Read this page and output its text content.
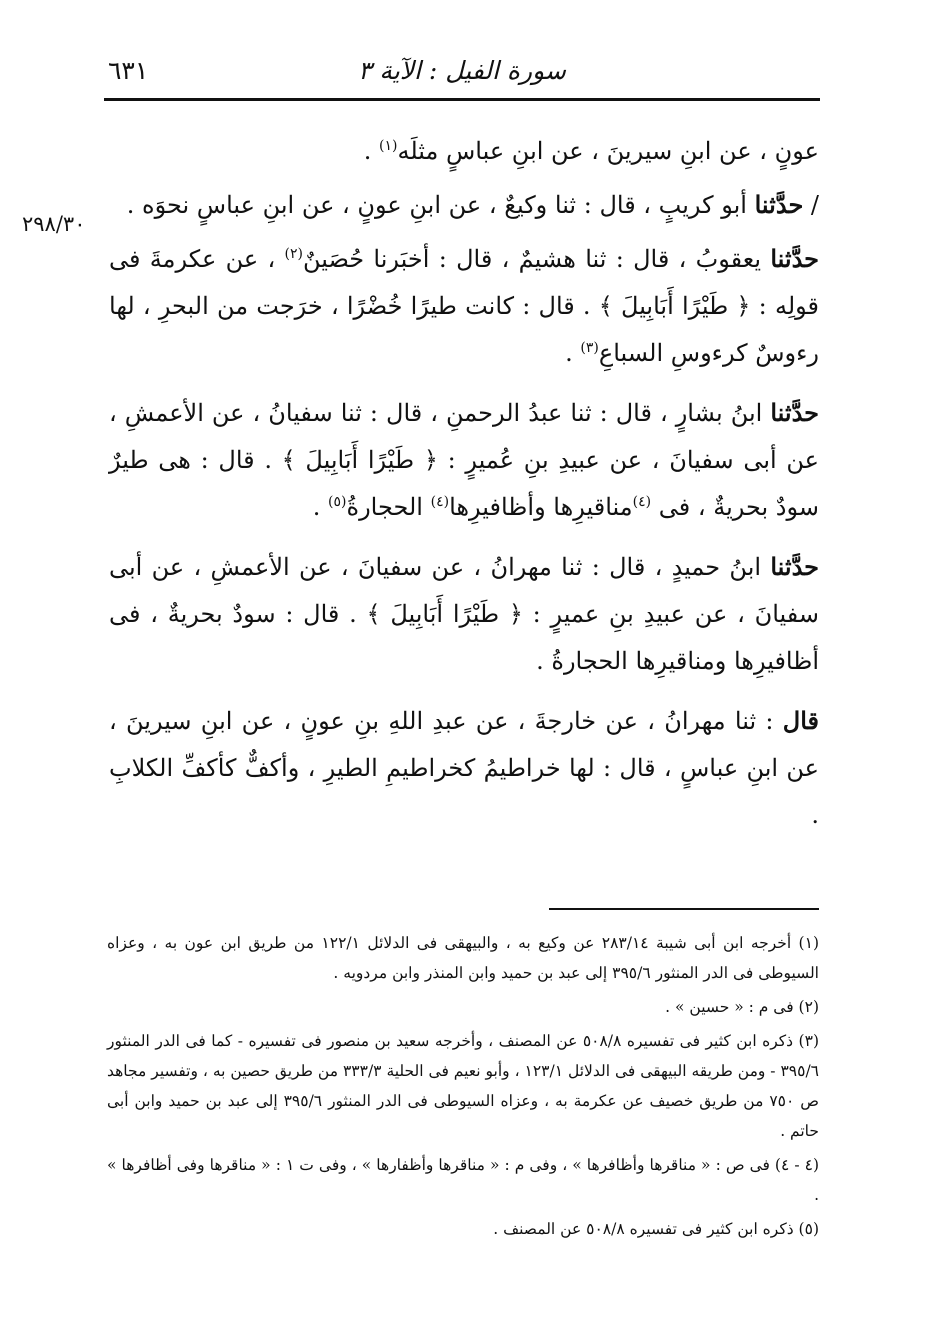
سورة الفيل : الآية ٣
٦٣١
٢٩٨/٣٠

عونٍ ، عن ابنِ سيرينَ ، عن ابنِ عباسٍ مثلَه$^{(١)}$ .

/ حدَّثنا أبو كريبٍ ، قال : ثنا وكيعٌ ، عن ابنِ عونٍ ، عن ابنِ عباسٍ نحوَه .

حدَّثنا يعقوبُ ، قال : ثنا هشيمٌ ، قال : أخبَرنا حُصَينٌ$^{(٢)}$ ، عن عكرمةَ فى قولِه : ﴿ طَيْرًا أَبَابِيلَ ﴾ . قال : كانت طيرًا خُضْرًا ، خرَجت من البحرِ ، لها رءوسٌ كرءوسِ السباعِ$^{(٣)}$ .

حدَّثنا ابنُ بشارٍ ، قال : ثنا عبدُ الرحمنِ ، قال : ثنا سفيانُ ، عن الأعمشِ ، عن أبى سفيانَ ، عن عبيدِ بنِ عُميرٍ : ﴿ طَيْرًا أَبَابِيلَ ﴾ . قال : هى طيرٌ سودٌ بحريةٌ ، فى $^{(٤)}$مناقيرِها وأظافيرِها$^{(٤)}$ الحجارةُ$^{(٥)}$ .

حدَّثنا ابنُ حميدٍ ، قال : ثنا مهرانُ ، عن سفيانَ ، عن الأعمشِ ، عن أبى سفيانَ ، عن عبيدِ بنِ عميرٍ : ﴿ طَيْرًا أَبَابِيلَ ﴾ . قال : سودٌ بحريةٌ ، فى أظافيرِها ومناقيرِها الحجارةُ .

قال : ثنا مهرانُ ، عن خارجةَ ، عن عبدِ اللهِ بنِ عونٍ ، عن ابنِ سيرينَ ، عن ابنِ عباسٍ ، قال : لها خراطيمُ كخراطيمِ الطيرِ ، وأكفٌّ كأكفِّ الكلابِ .

(١) أخرجه ابن أبى شيبة ٢٨٣/١٤ عن وكيع به ، والبيهقى فى الدلائل ١٢٢/١ من طريق ابن عون به ، وعزاه السيوطى فى الدر المنثور ٣٩٥/٦ إلى عبد بن حميد وابن المنذر وابن مردويه .

(٢) فى م : « حسين » .

(٣) ذكره ابن كثير فى تفسيره ٥٠٨/٨ عن المصنف ، وأخرجه سعيد بن منصور فى تفسيره - كما فى الدر المنثور ٣٩٥/٦ - ومن طريقه البيهقى فى الدلائل ١٢٣/١ ، وأبو نعيم فى الحلية ٣٣٣/٣ من طريق حصين به ، وتفسير مجاهد ص ٧٥٠ من طريق خصيف عن عكرمة به ، وعزاه السيوطى فى الدر المنثور ٣٩٥/٦ إلى عبد بن حميد وابن أبى حاتم .

(٤ - ٤) فى ص : « مناقرها وأظافرها » ، وفى م : « مناقرها وأظفارها » ، وفى ت ١ : « مناقرها وفى أظافرها » .

(٥) ذكره ابن كثير فى تفسيره ٥٠٨/٨ عن المصنف .
